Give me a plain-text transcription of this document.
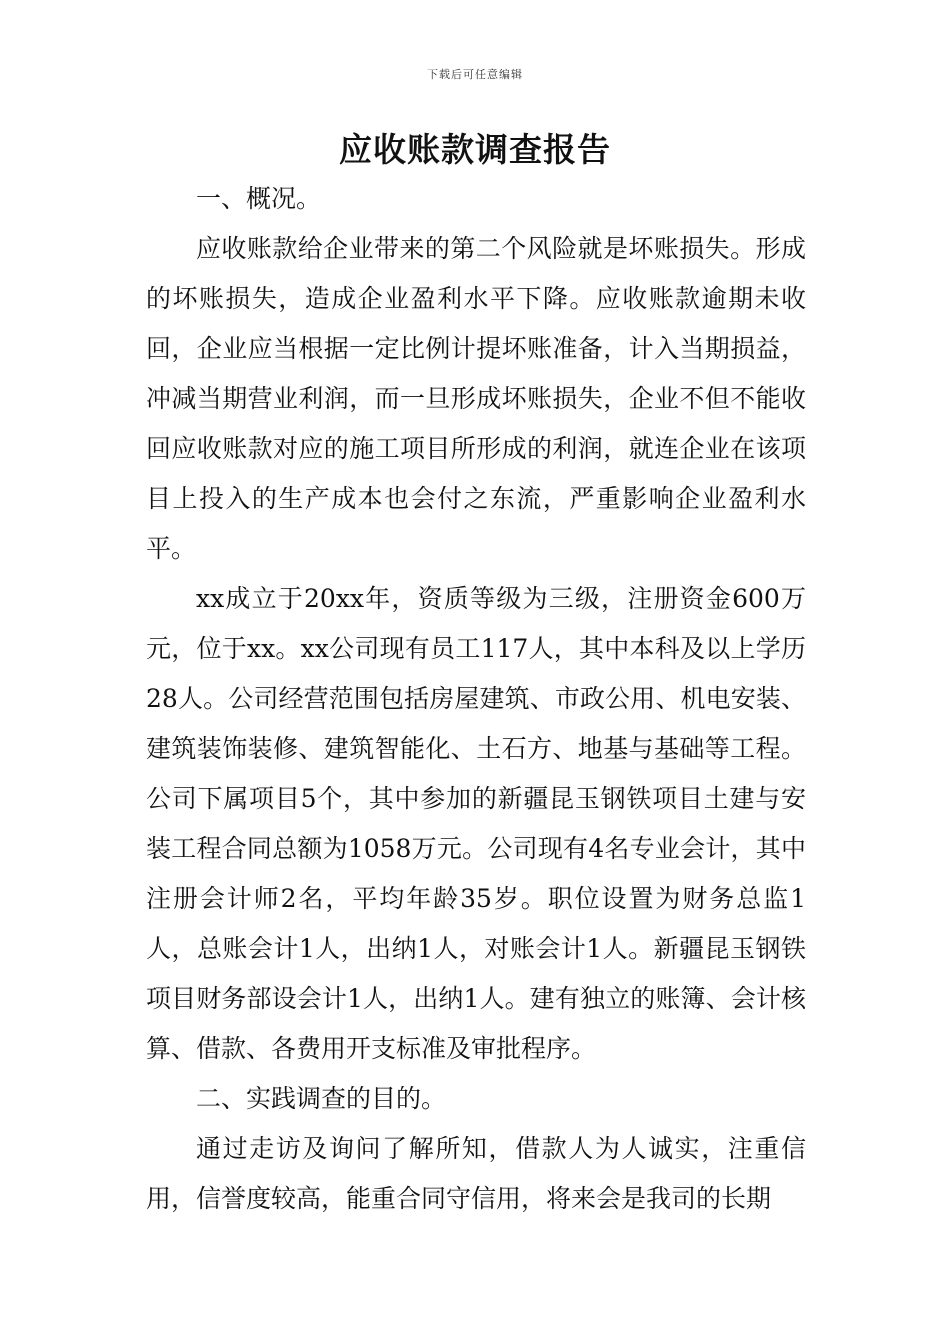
下载后可任意编辑
应收账款调查报告

一、概况。

应收账款给企业带来的第二个风险就是坏账损失。形成的坏账损失，造成企业盈利水平下降。应收账款逾期未收回，企业应当根据一定比例计提坏账准备，计入当期损益，冲减当期营业利润，而一旦形成坏账损失，企业不但不能收回应收账款对应的施工项目所形成的利润，就连企业在该项目上投入的生产成本也会付之东流，严重影响企业盈利水平。

xx成立于20xx年，资质等级为三级，注册资金600万元，位于xx。xx公司现有员工117人，其中本科及以上学历28人。公司经营范围包括房屋建筑、市政公用、机电安装、建筑装饰装修、建筑智能化、土石方、地基与基础等工程。公司下属项目5个，其中参加的新疆昆玉钢铁项目土建与安装工程合同总额为1058万元。公司现有4名专业会计，其中注册会计师2名，平均年龄35岁。职位设置为财务总监1人，总账会计1人，出纳1人，对账会计1人。新疆昆玉钢铁项目财务部设会计1人，出纳1人。建有独立的账簿、会计核算、借款、各费用开支标准及审批程序。

二、实践调查的目的。

通过走访及询问了解所知，借款人为人诚实，注重信用，信誉度较高，能重合同守信用，将来会是我司的长期
